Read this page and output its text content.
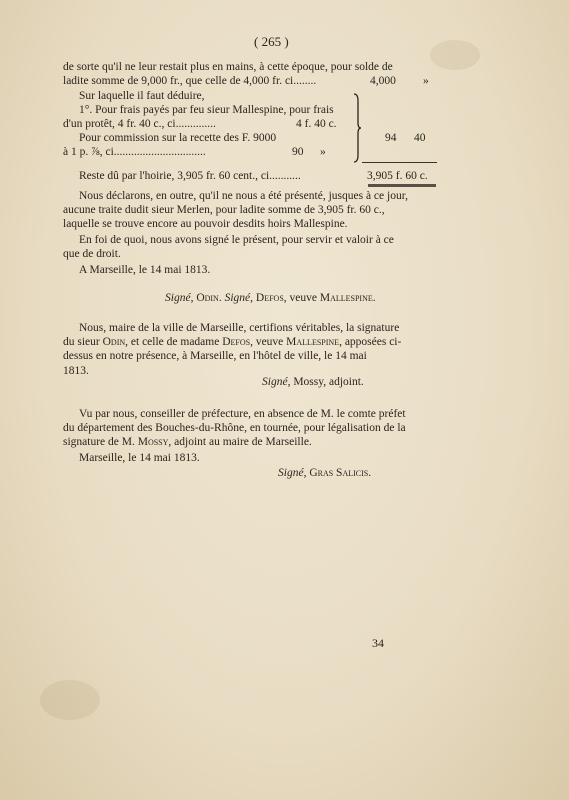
( 265 )
de sorte qu'il ne leur restait plus en mains, à cette époque, pour solde de
ladite somme de 9,000 fr., que celle de 4,000 fr. ci........	4,000 »
Sur laquelle il faut déduire,
1°. Pour frais payés par feu sieur Mallespine, pour frais
d'un protêt, 4 fr. 40 c., ci..............	4 f. 40 c.
Pour commission sur la recette des F. 9000
à 1 p. ⅞, ci................................	90 »
94 40
Reste dû par l'hoirie, 3,905 fr. 60 cent., ci...........	3,905 f. 60 c.
Nous déclarons, en outre, qu'il ne nous a été présenté, jusques à ce jour,
aucune traite dudit sieur Merlen, pour ladite somme de 3,905 fr. 60 c.,
laquelle se trouve encore au pouvoir desdits hoirs Mallespine.
En foi de quoi, nous avons signé le présent, pour servir et valoir à ce
que de droit.
A Marseille, le 14 mai 1813.
Signé, Odin. Signé, Defos, veuve Mallespine.
Nous, maire de la ville de Marseille, certifions véritables, la signature
du sieur Odin, et celle de madame Defos, veuve Mallespine, apposées ci-
dessus en notre présence, à Marseille, en l'hôtel de ville, le 14 mai
1813.
Signé, Mossy, adjoint.
Vu par nous, conseiller de préfecture, en absence de M. le comte préfet
du département des Bouches-du-Rhône, en tournée, pour légalisation de la
signature de M. Mossy, adjoint au maire de Marseille.
Marseille, le 14 mai 1813.
Signé, Gras Salicis.
34
